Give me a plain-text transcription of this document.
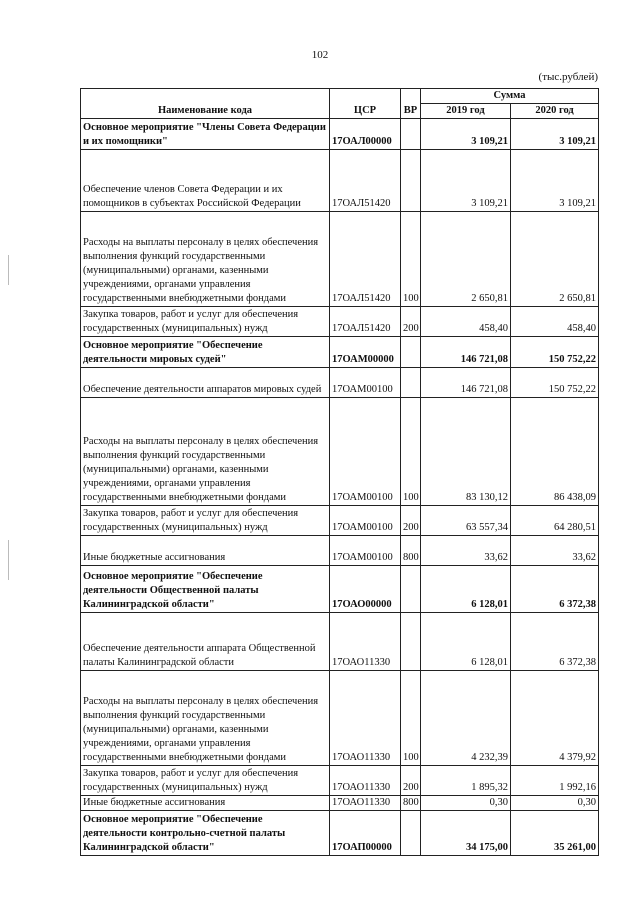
102
(тыс.рублей)
Наименование кода	ЦСР	ВР	Сумма	
			2019 год	2020 год
Основное мероприятие "Члены Совета Федерации и их помощники"	17ОАЛ00000		3 109,21	3 109,21
Обеспечение членов Совета Федерации и их помощников в субъектах Российской Федерации	17ОАЛ51420		3 109,21	3 109,21
Расходы на выплаты персоналу в целях обеспечения выполнения функций государственными (муниципальными) органами, казенными учреждениями, органами управления государственными внебюджетными фондами	17ОАЛ51420	100	2 650,81	2 650,81
Закупка товаров, работ и услуг для обеспечения государственных (муниципальных) нужд	17ОАЛ51420	200	458,40	458,40
Основное мероприятие "Обеспечение деятельности мировых судей"	17ОАМ00000		146 721,08	150 752,22
Обеспечение деятельности аппаратов мировых судей	17ОАМ00100		146 721,08	150 752,22
Расходы на выплаты персоналу в целях обеспечения выполнения функций государственными (муниципальными) органами, казенными учреждениями, органами управления государственными внебюджетными фондами	17ОАМ00100	100	83 130,12	86 438,09
Закупка товаров, работ и услуг для обеспечения государственных (муниципальных) нужд	17ОАМ00100	200	63 557,34	64 280,51
Иные бюджетные ассигнования	17ОАМ00100	800	33,62	33,62
Основное мероприятие "Обеспечение деятельности Общественной палаты Калининградской области"	17ОАО00000		6 128,01	6 372,38
Обеспечение деятельности аппарата Общественной палаты Калининградской области	17ОАО11330		6 128,01	6 372,38
Расходы на выплаты персоналу в целях обеспечения выполнения функций государственными (муниципальными) органами, казенными учреждениями, органами управления государственными внебюджетными фондами	17ОАО11330	100	4 232,39	4 379,92
Закупка товаров, работ и услуг для обеспечения государственных (муниципальных) нужд	17ОАО11330	200	1 895,32	1 992,16
Иные бюджетные ассигнования	17ОАО11330	800	0,30	0,30
Основное мероприятие "Обеспечение деятельности контрольно-счетной палаты Калининградской области"	17ОАП00000		34 175,00	35 261,00
